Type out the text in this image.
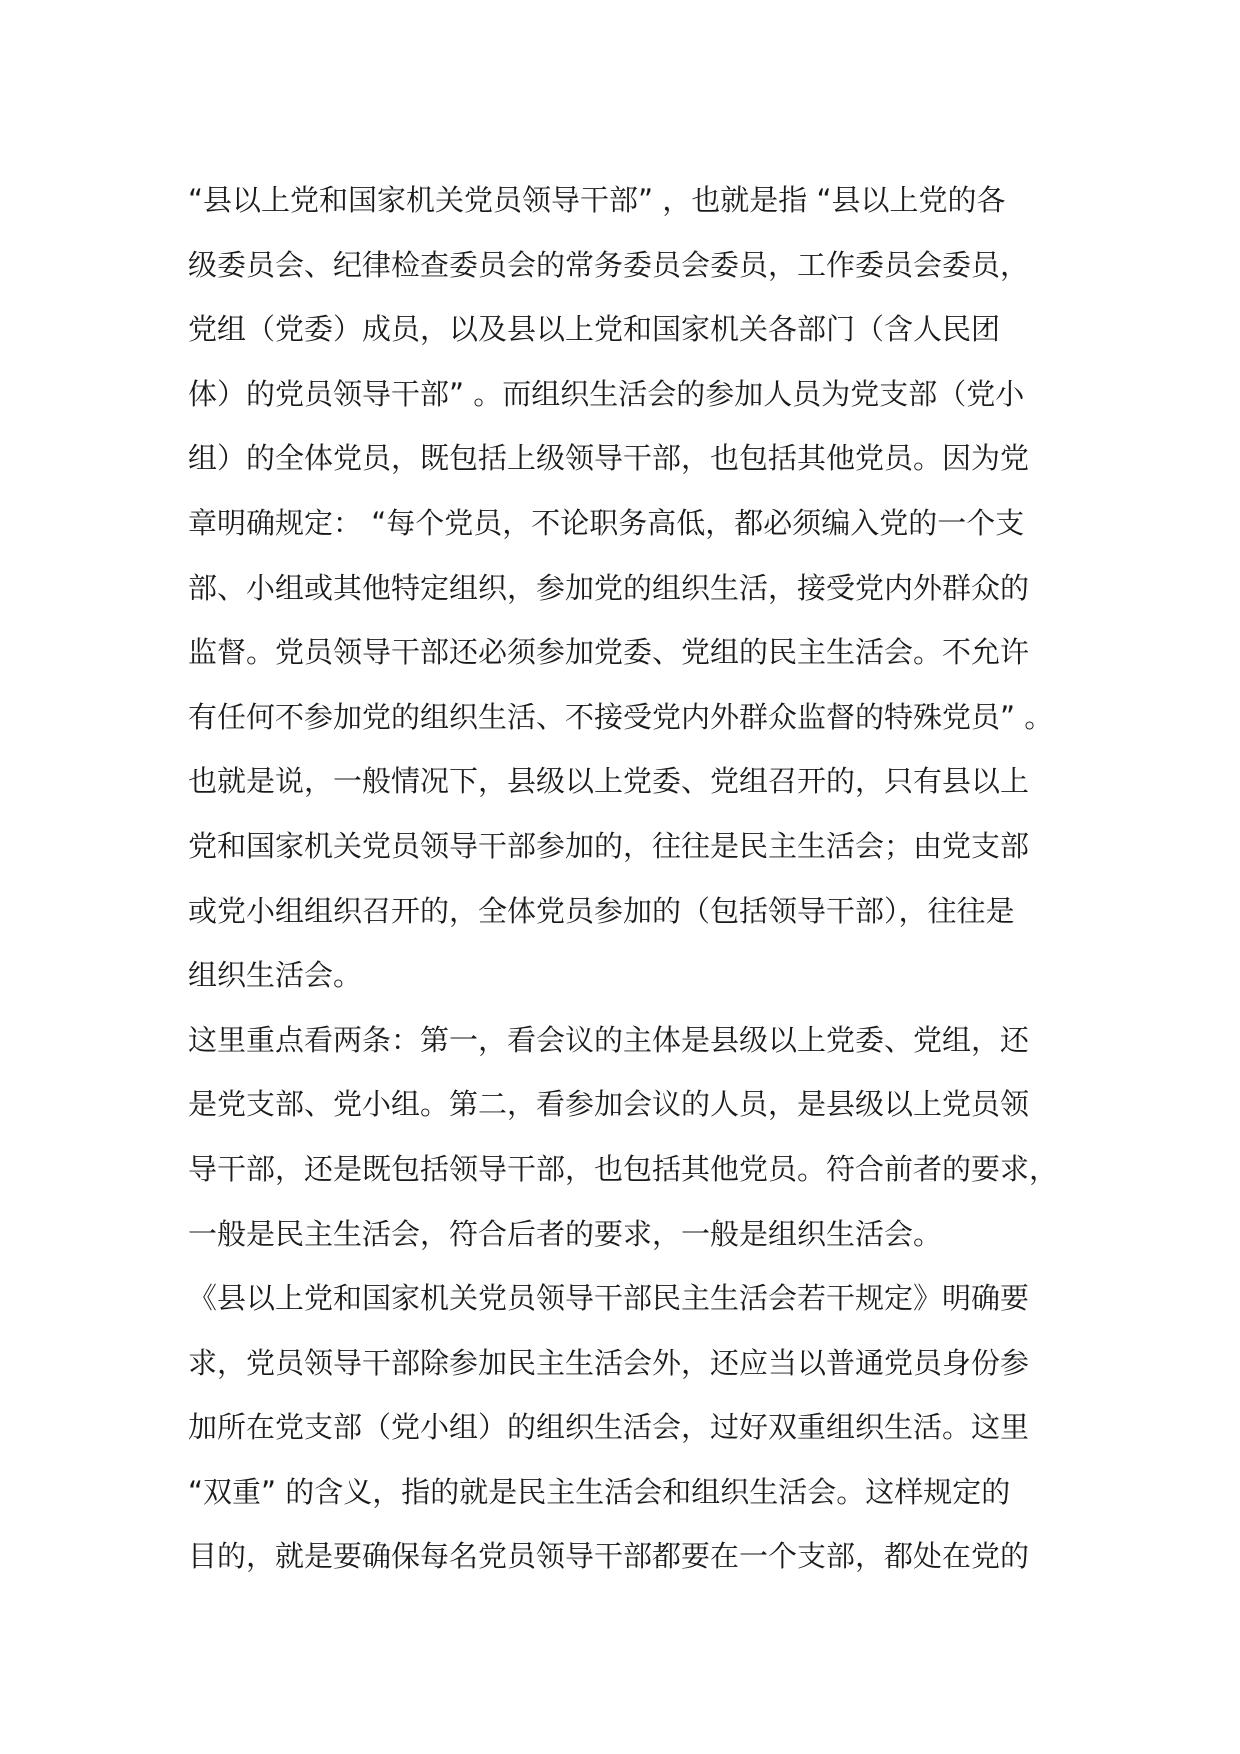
“县以上党和国家机关党员领导干部” ，也就是指 “县以上党的各
级委员会、纪律检查委员会的常务委员会委员，工作委员会委员，
党组（党委）成员，以及县以上党和国家机关各部门（含人民团
体）的党员领导干部” 。而组织生活会的参加人员为党支部（党小
组）的全体党员，既包括上级领导干部，也包括其他党员。因为党
章明确规定： “每个党员，不论职务高低，都必须编入党的一个支
部、小组或其他特定组织，参加党的组织生活，接受党内外群众的
监督。党员领导干部还必须参加党委、党组的民主生活会。不允许
有任何不参加党的组织生活、不接受党内外群众监督的特殊党员” 。
也就是说，一般情况下，县级以上党委、党组召开的，只有县以上
党和国家机关党员领导干部参加的，往往是民主生活会；由党支部
或党小组组织召开的，全体党员参加的（包括领导干部），往往是
组织生活会。
这里重点看两条：第一，看会议的主体是县级以上党委、党组，还
是党支部、党小组。第二，看参加会议的人员，是县级以上党员领
导干部，还是既包括领导干部，也包括其他党员。符合前者的要求，
一般是民主生活会，符合后者的要求，一般是组织生活会。
《县以上党和国家机关党员领导干部民主生活会若干规定》明确要
求，党员领导干部除参加民主生活会外，还应当以普通党员身份参
加所在党支部（党小组）的组织生活会，过好双重组织生活。这里
“双重” 的含义，指的就是民主生活会和组织生活会。这样规定的
目的，就是要确保每名党员领导干部都要在一个支部，都处在党的
